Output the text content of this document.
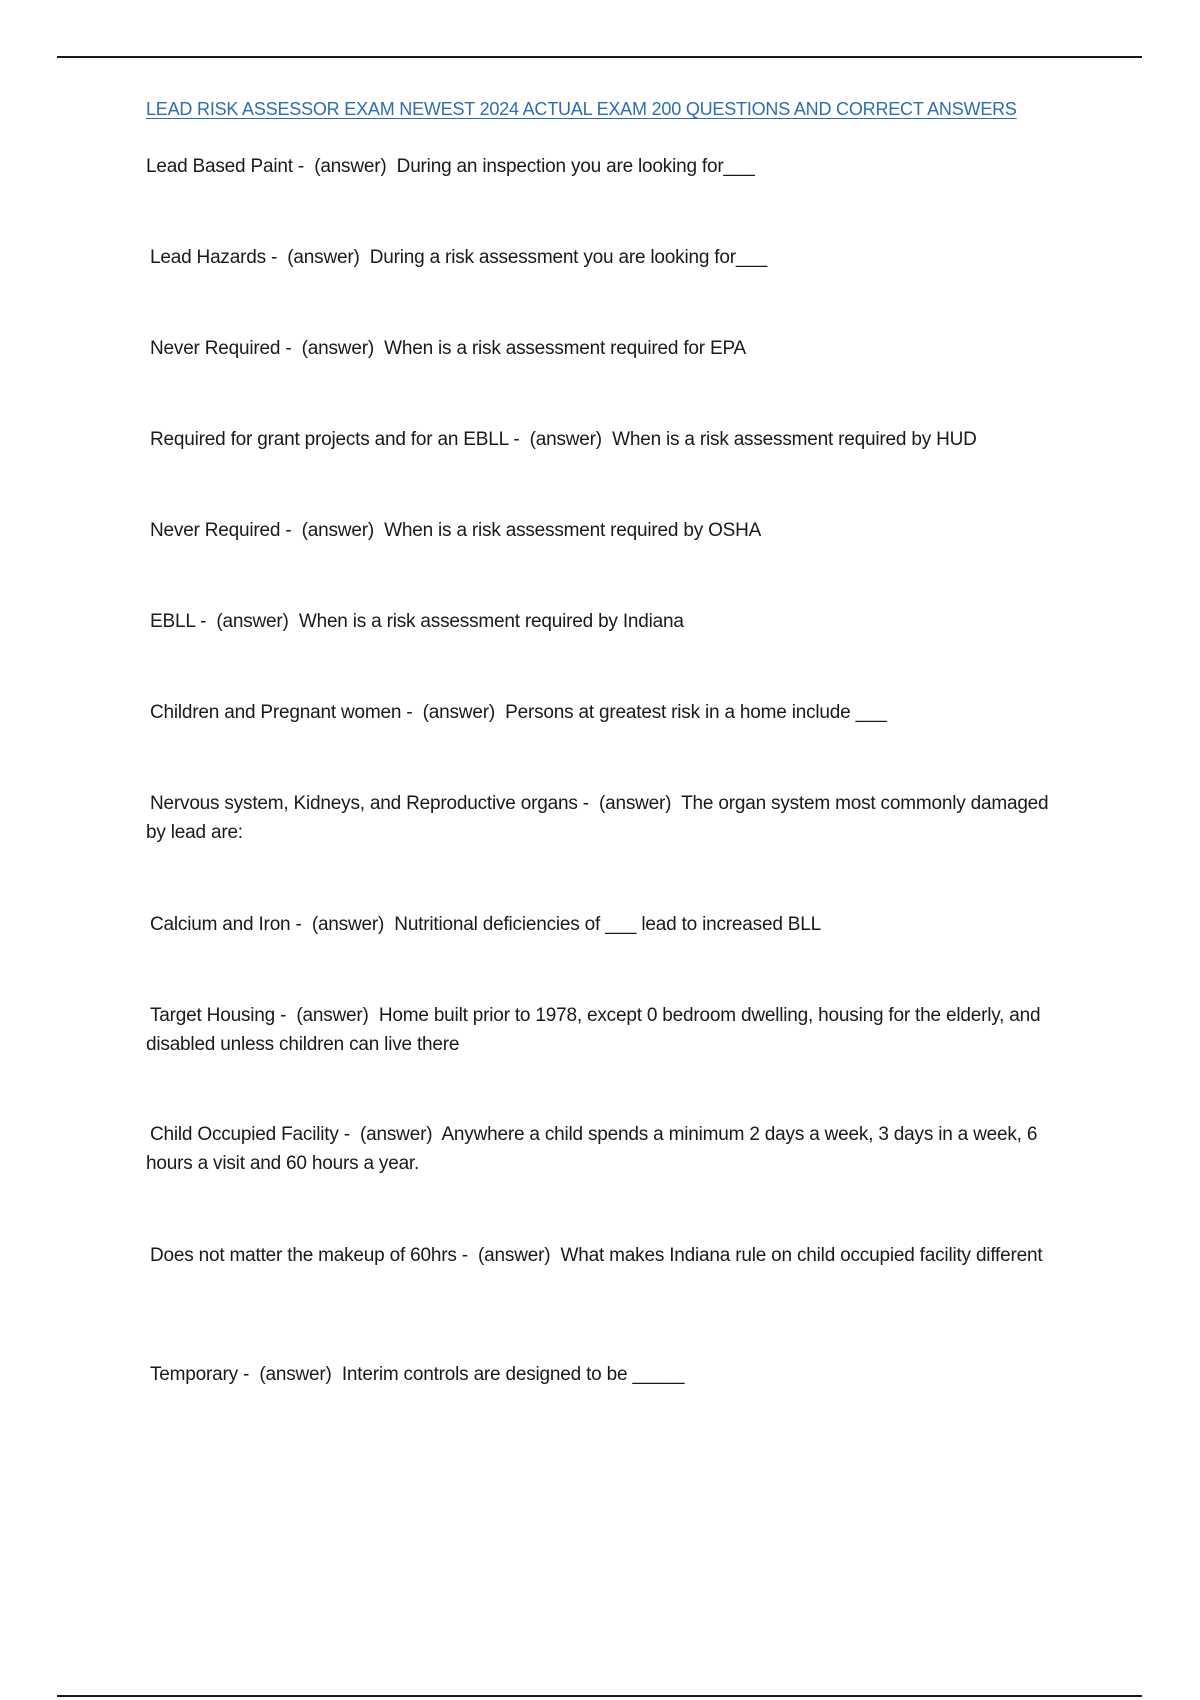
LEAD RISK ASSESSOR EXAM NEWEST 2024 ACTUAL EXAM 200 QUESTIONS AND CORRECT ANSWERS
Lead Based Paint -  (answer) During an inspection you are looking for___
Lead Hazards -  (answer) During a risk assessment you are looking for___
Never Required -  (answer) When is a risk assessment required for EPA
Required for grant projects and for an EBLL -  (answer) When is a risk assessment required by HUD
Never Required -  (answer) When is a risk assessment required by OSHA
EBLL -  (answer) When is a risk assessment required by Indiana
Children and Pregnant women -  (answer) Persons at greatest risk in a home include ___
Nervous system, Kidneys, and Reproductive organs -  (answer) The organ system most commonly damaged by lead are:
Calcium and Iron -  (answer) Nutritional deficiencies of ___ lead to increased BLL
Target Housing -  (answer) Home built prior to 1978, except 0 bedroom dwelling, housing for the elderly, and disabled unless children can live there
Child Occupied Facility -  (answer) Anywhere a child spends a minimum 2 days a week, 3 days in a week, 6 hours a visit and 60 hours a year.
Does not matter the makeup of 60hrs -  (answer) What makes Indiana rule on child occupied facility different
Temporary -  (answer) Interim controls are designed to be _____
